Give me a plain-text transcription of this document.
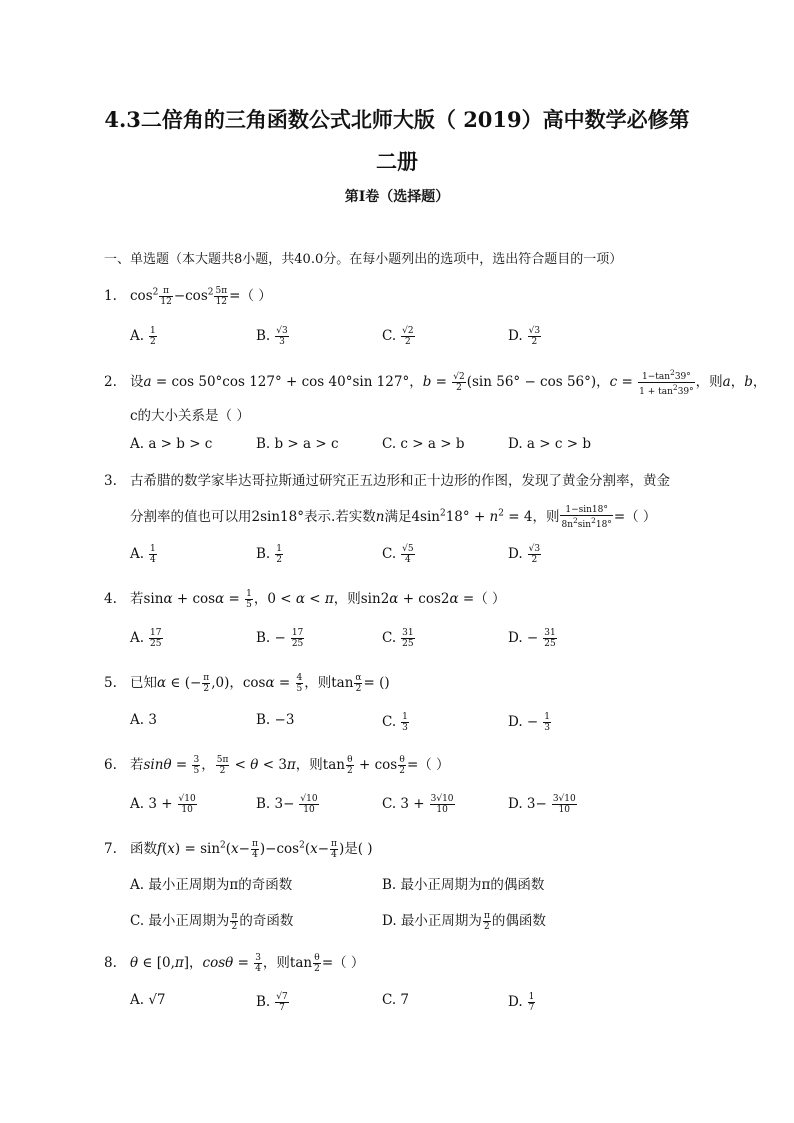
4.3二倍角的三角函数公式北师大版（ 2019）高中数学必修第
二册
第I卷（选择题）
一、单选题（本大题共8小题，共40.0分。在每小题列出的选项中，选出符合题目的一项）
1. $\cos^2 \frac{\pi}{12} -\cos^2 \frac{5\pi}{12}$ =（ ）
A. $\frac{1}{2}$	B. $\frac{√3}{3}$	C. $\frac{√2}{2}$	D. $\frac{√3}{2}$
2. 设a = cos 50°cos 127° + cos 40°sin 127°，$b = \frac{√2}{2} (\sin$ 56° − cos 56°)，$c = \frac{1-\tan^239^\circ}{1 + \tan^239^\circ}$ ，则a，b，
c的大小关系是（ ）
A. a > b > c	B. b > a > c	C. c > a > b	D. a > c > b
3. 古希腊的数学家毕达哥拉斯通过研究正五边形和正十边形的作图，发现了黄金分割率，黄金
分割率的值也可以用2sin18°表示.若实数n满足$4\sin^218^\circ + n^2 = 4$，则 $\frac{1-\sin 18^\circ}{8n^2\sin^218^\circ}$ =（ ）
A. $\frac{1}{4}$	B. $\frac{1}{2}$	C. $\frac{√5}{4}$	D. $\frac{√3}{2}$
4. 若$\sin\alpha + \cos\alpha = \frac{1}{5}$ ，0 < α < π，则sin2α + cos2α =（ ）
A. $\frac{17}{25}$	B. − $\frac{17}{25}$	C. $\frac{31}{25}$	D. − $\frac{31}{25}$
5. 已知α ∈ (− $\frac{\pi}{2} ,0$)，$\cos\alpha = \frac{4}{5}$ ，则$\tan \frac{\alpha}{2}$ = ()
A. 3	B. −3	C. $\frac{1}{3}$	D. − $\frac{1}{3}$
6. 若$\sin\theta = \frac{3}{5}$ ， $\frac{5\pi}{2} < \theta < 3\pi$，则$\tan \frac{\theta}{2} + \cos \frac{\theta}{2}$ =（ ）
A. $3 + \frac{√10}{10}$	B. $3- \frac{√10}{10}$	C. $3 + \frac{3√10}{10}$	D. $3- \frac{3√10}{10}$
7. 函数$f(x) = \sin^2(x- \frac{\pi}{4} )-\cos^2(x- \frac{\pi}{4}$ )是( )
A. 最小正周期为π的奇函数	B. 最小正周期为π的偶函数
C. 最小正周期为 $\frac{\pi}{2}$ 的奇函数	D. 最小正周期为 $\frac{\pi}{2}$ 的偶函数
8. θ ∈ [0,π]，$\cos\theta = \frac{3}{4}$ ，则$\tan \frac{\theta}{2}$ =（ ）
A. √7	B. $\frac{√7}{7}$	C. 7	D. $\frac{1}{7}$
